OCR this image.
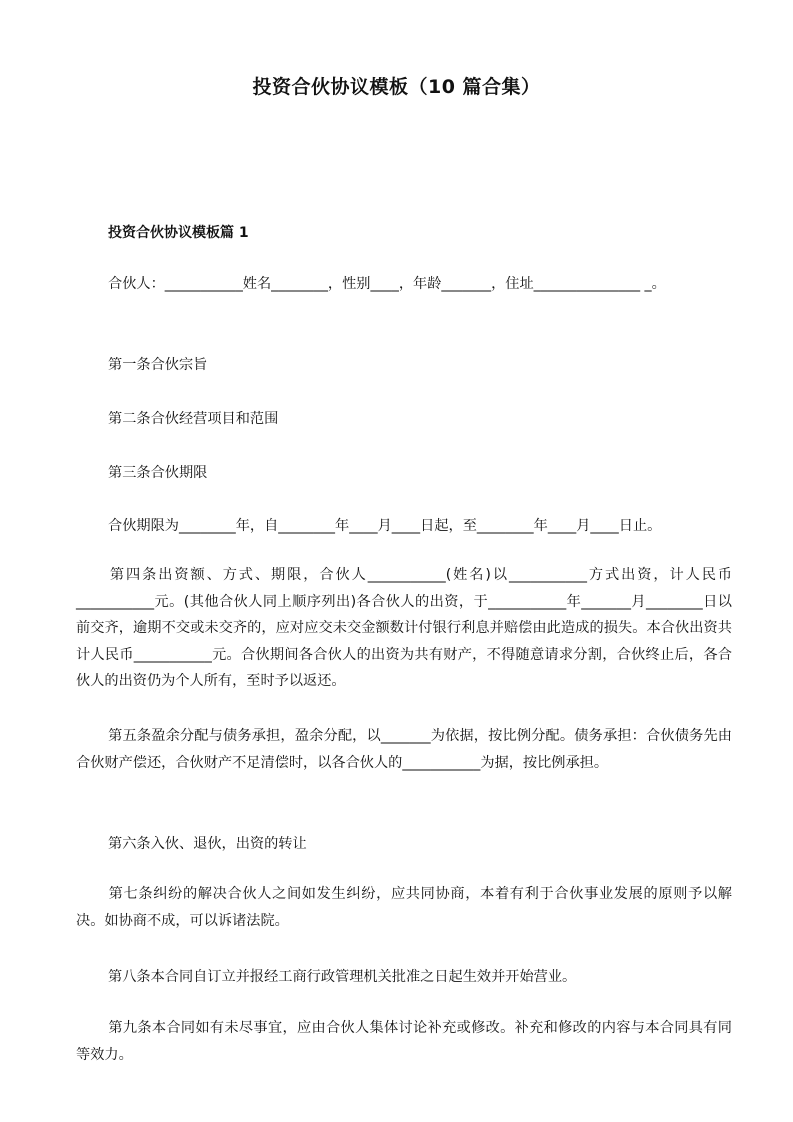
投资合伙协议模板（10 篇合集）
投资合伙协议模板篇 1
合伙人：___________姓名________，性别____，年龄_______，住址_______________ _。
第一条合伙宗旨
第二条合伙经营项目和范围
第三条合伙期限
合伙期限为________年，自________年____月____日起，至________年____月____日止。
第四条出资额、方式、期限，合伙人___________(姓名)以___________方式出资，计人民币___________元。(其他合伙人同上顺序列出)各合伙人的出资，于___________年_______月________日以前交齐，逾期不交或未交齐的，应对应交未交金额数计付银行利息并赔偿由此造成的损失。本合伙出资共计人民币___________元。合伙期间各合伙人的出资为共有财产，不得随意请求分割，合伙终止后，各合伙人的出资仍为个人所有，至时予以返还。
第五条盈余分配与债务承担，盈余分配，以_______为依据，按比例分配。债务承担：合伙债务先由合伙财产偿还，合伙财产不足清偿时，以各合伙人的___________为据，按比例承担。
第六条入伙、退伙，出资的转让
第七条纠纷的解决合伙人之间如发生纠纷，应共同协商，本着有利于合伙事业发展的原则予以解决。如协商不成，可以诉诸法院。
第八条本合同自订立并报经工商行政管理机关批准之日起生效并开始营业。
第九条本合同如有未尽事宜，应由合伙人集体讨论补充或修改。补充和修改的内容与本合同具有同等效力。
